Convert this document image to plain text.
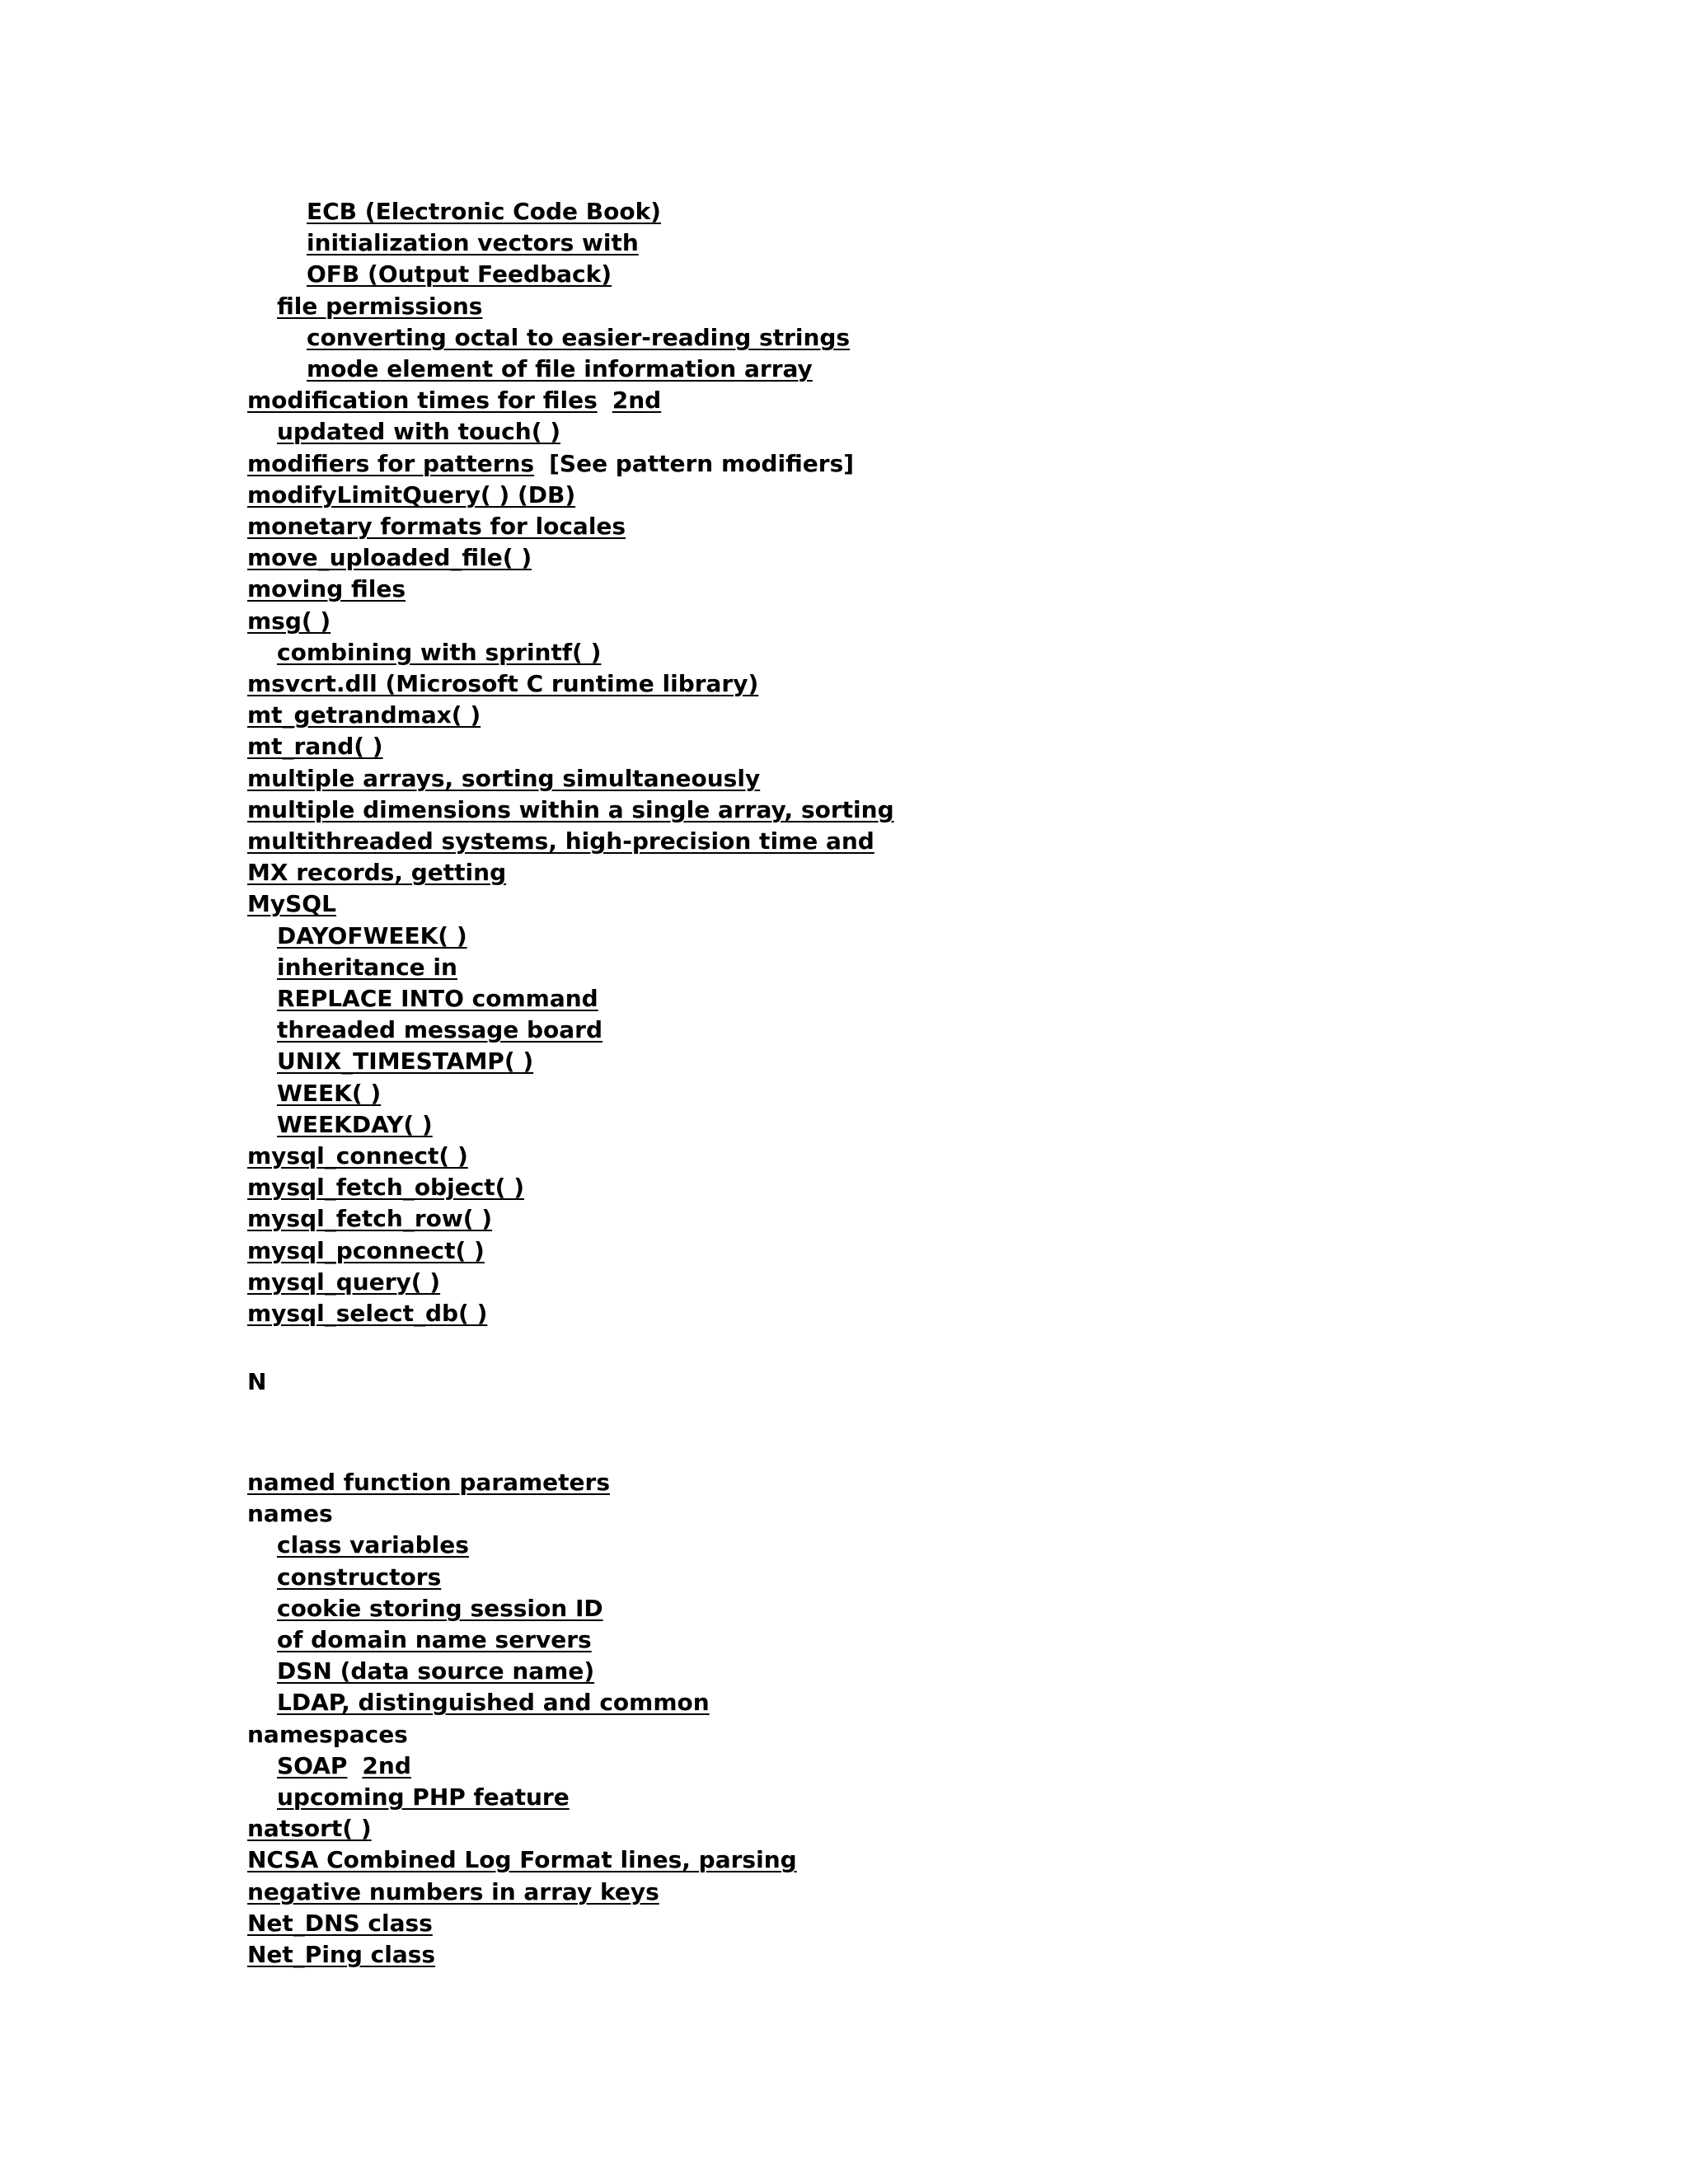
N
ECB (Electronic Code Book)
initialization vectors with
OFB (Output Feedback)
file permissions
converting octal to easier-reading strings
mode element of file information array
modification times for files 2nd
updated with touch( )
modifiers for patterns [See pattern modifiers]
modifyLimitQuery( ) (DB)
monetary formats for locales
move_uploaded_file( )
moving files
msg( )
combining with sprintf( )
msvcrt.dll (Microsoft C runtime library)
mt_getrandmax( )
mt_rand( )
multiple arrays, sorting simultaneously
multiple dimensions within a single array, sorting
multithreaded systems, high-precision time and
MX records, getting
MySQL
DAYOFWEEK( )
inheritance in
REPLACE INTO command
threaded message board
UNIX_TIMESTAMP( )
WEEK( )
WEEKDAY( )
mysql_connect( )
mysql_fetch_object( )
mysql_fetch_row( )
mysql_pconnect( )
mysql_query( )
mysql_select_db( )
named function parameters
names
class variables
constructors
cookie storing session ID
of domain name servers
DSN (data source name)
LDAP, distinguished and common
namespaces
SOAP 2nd
upcoming PHP feature
natsort( )
NCSA Combined Log Format lines, parsing
negative numbers in array keys
Net_DNS class
Net_Ping class
